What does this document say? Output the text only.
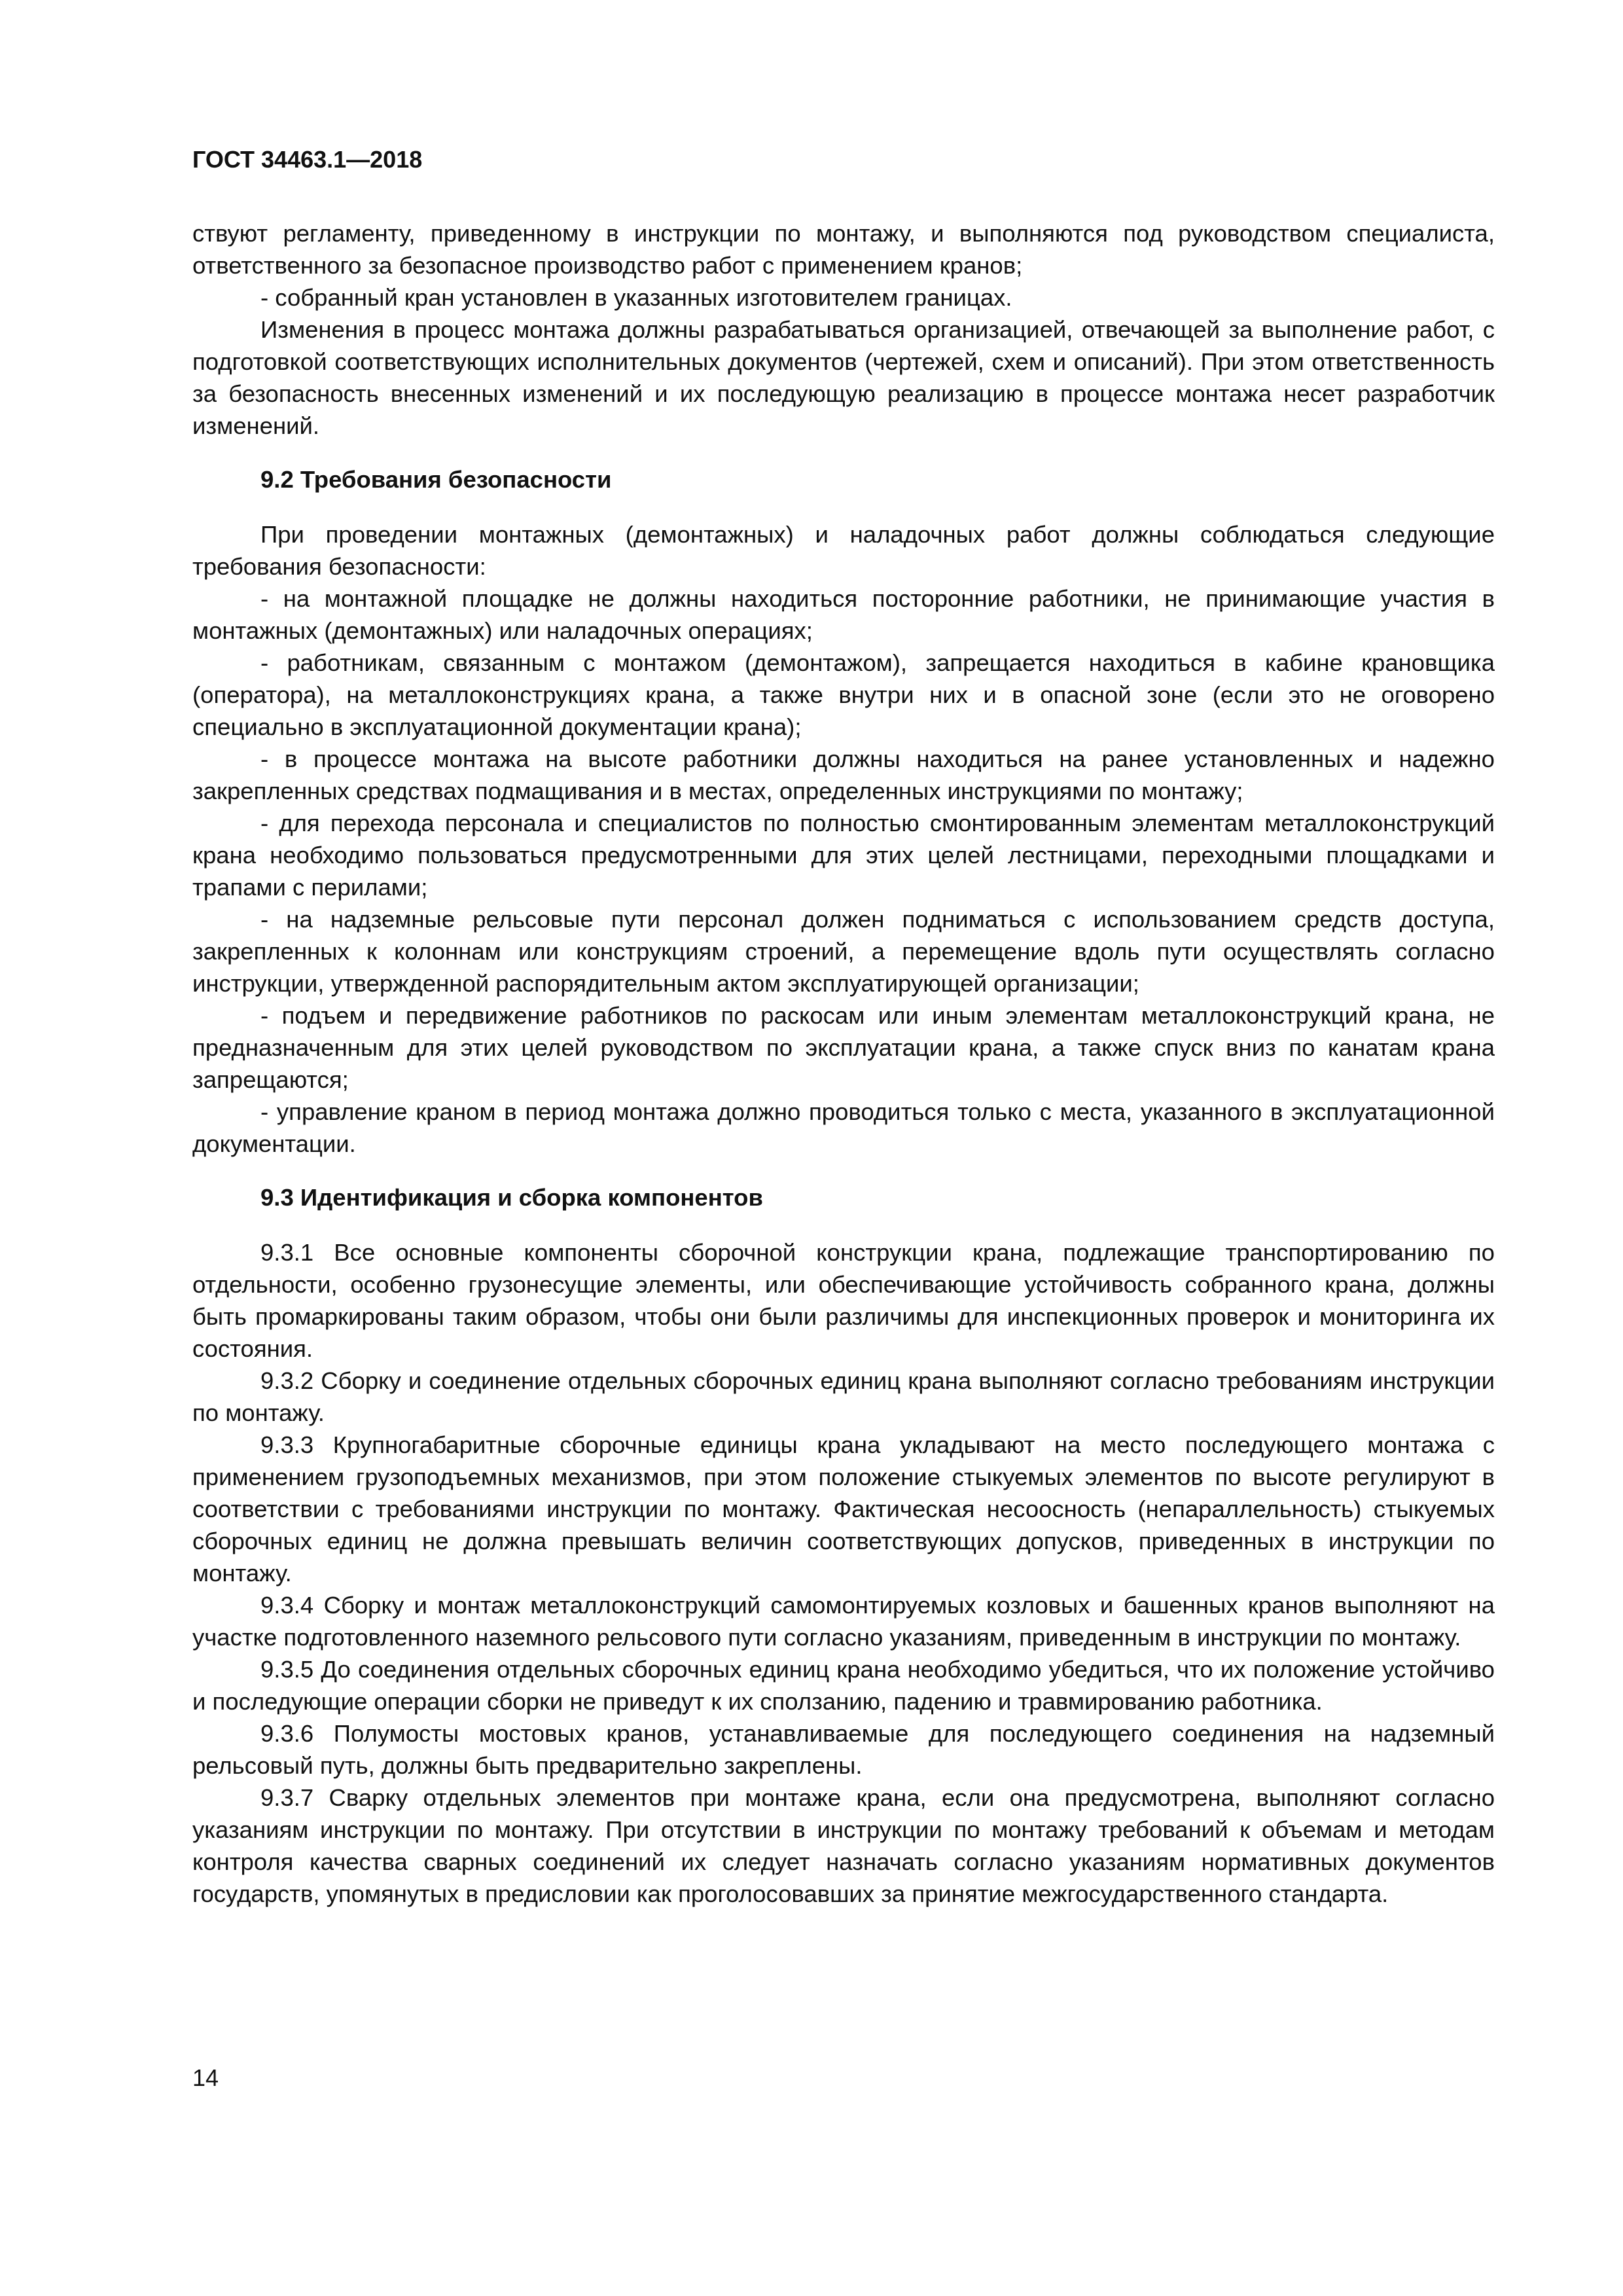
ГОСТ 34463.1—2018

ствуют регламенту, приведенному в инструкции по монтажу, и выполняются под руководством специалиста, ответственного за безопасное производство работ с применением кранов;

- собранный кран установлен в указанных изготовителем границах.

Изменения в процесс монтажа должны разрабатываться организацией, отвечающей за выполнение работ, с подготовкой соответствующих исполнительных документов (чертежей, схем и описаний). При этом ответственность за безопасность внесенных изменений и их последующую реализацию в процессе монтажа несет разработчик изменений.

9.2 Требования безопасности

При проведении монтажных (демонтажных) и наладочных работ должны соблюдаться следующие требования безопасности:

- на монтажной площадке не должны находиться посторонние работники, не принимающие участия в монтажных (демонтажных) или наладочных операциях;

- работникам, связанным с монтажом (демонтажом), запрещается находиться в кабине крановщика (оператора), на металлоконструкциях крана, а также внутри них и в опасной зоне (если это не оговорено специально в эксплуатационной документации крана);

- в процессе монтажа на высоте работники должны находиться на ранее установленных и надежно закрепленных средствах подмащивания и в местах, определенных инструкциями по монтажу;

- для перехода персонала и специалистов по полностью смонтированным элементам металлоконструкций крана необходимо пользоваться предусмотренными для этих целей лестницами, переходными площадками и трапами с перилами;

- на надземные рельсовые пути персонал должен подниматься с использованием средств доступа, закрепленных к колоннам или конструкциям строений, а перемещение вдоль пути осуществлять согласно инструкции, утвержденной распорядительным актом эксплуатирующей организации;

- подъем и передвижение работников по раскосам или иным элементам металлоконструкций крана, не предназначенным для этих целей руководством по эксплуатации крана, а также спуск вниз по канатам крана запрещаются;

- управление краном в период монтажа должно проводиться только с места, указанного в эксплуатационной документации.

9.3 Идентификация и сборка компонентов

9.3.1 Все основные компоненты сборочной конструкции крана, подлежащие транспортированию по отдельности, особенно грузонесущие элементы, или обеспечивающие устойчивость собранного крана, должны быть промаркированы таким образом, чтобы они были различимы для инспекционных проверок и мониторинга их состояния.

9.3.2 Сборку и соединение отдельных сборочных единиц крана выполняют согласно требованиям инструкции по монтажу.

9.3.3 Крупногабаритные сборочные единицы крана укладывают на место последующего монтажа с применением грузоподъемных механизмов, при этом положение стыкуемых элементов по высоте регулируют в соответствии с требованиями инструкции по монтажу. Фактическая несоосность (непараллельность) стыкуемых сборочных единиц не должна превышать величин соответствующих допусков, приведенных в инструкции по монтажу.

9.3.4 Сборку и монтаж металлоконструкций самомонтируемых козловых и башенных кранов выполняют на участке подготовленного наземного рельсового пути согласно указаниям, приведенным в инструкции по монтажу.

9.3.5 До соединения отдельных сборочных единиц крана необходимо убедиться, что их положение устойчиво и последующие операции сборки не приведут к их сползанию, падению и травмированию работника.

9.3.6 Полумосты мостовых кранов, устанавливаемые для последующего соединения на надземный рельсовый путь, должны быть предварительно закреплены.

9.3.7 Сварку отдельных элементов при монтаже крана, если она предусмотрена, выполняют согласно указаниям инструкции по монтажу. При отсутствии в инструкции по монтажу требований к объемам и методам контроля качества сварных соединений их следует назначать согласно указаниям нормативных документов государств, упомянутых в предисловии как проголосовавших за принятие межгосударственного стандарта.

14
